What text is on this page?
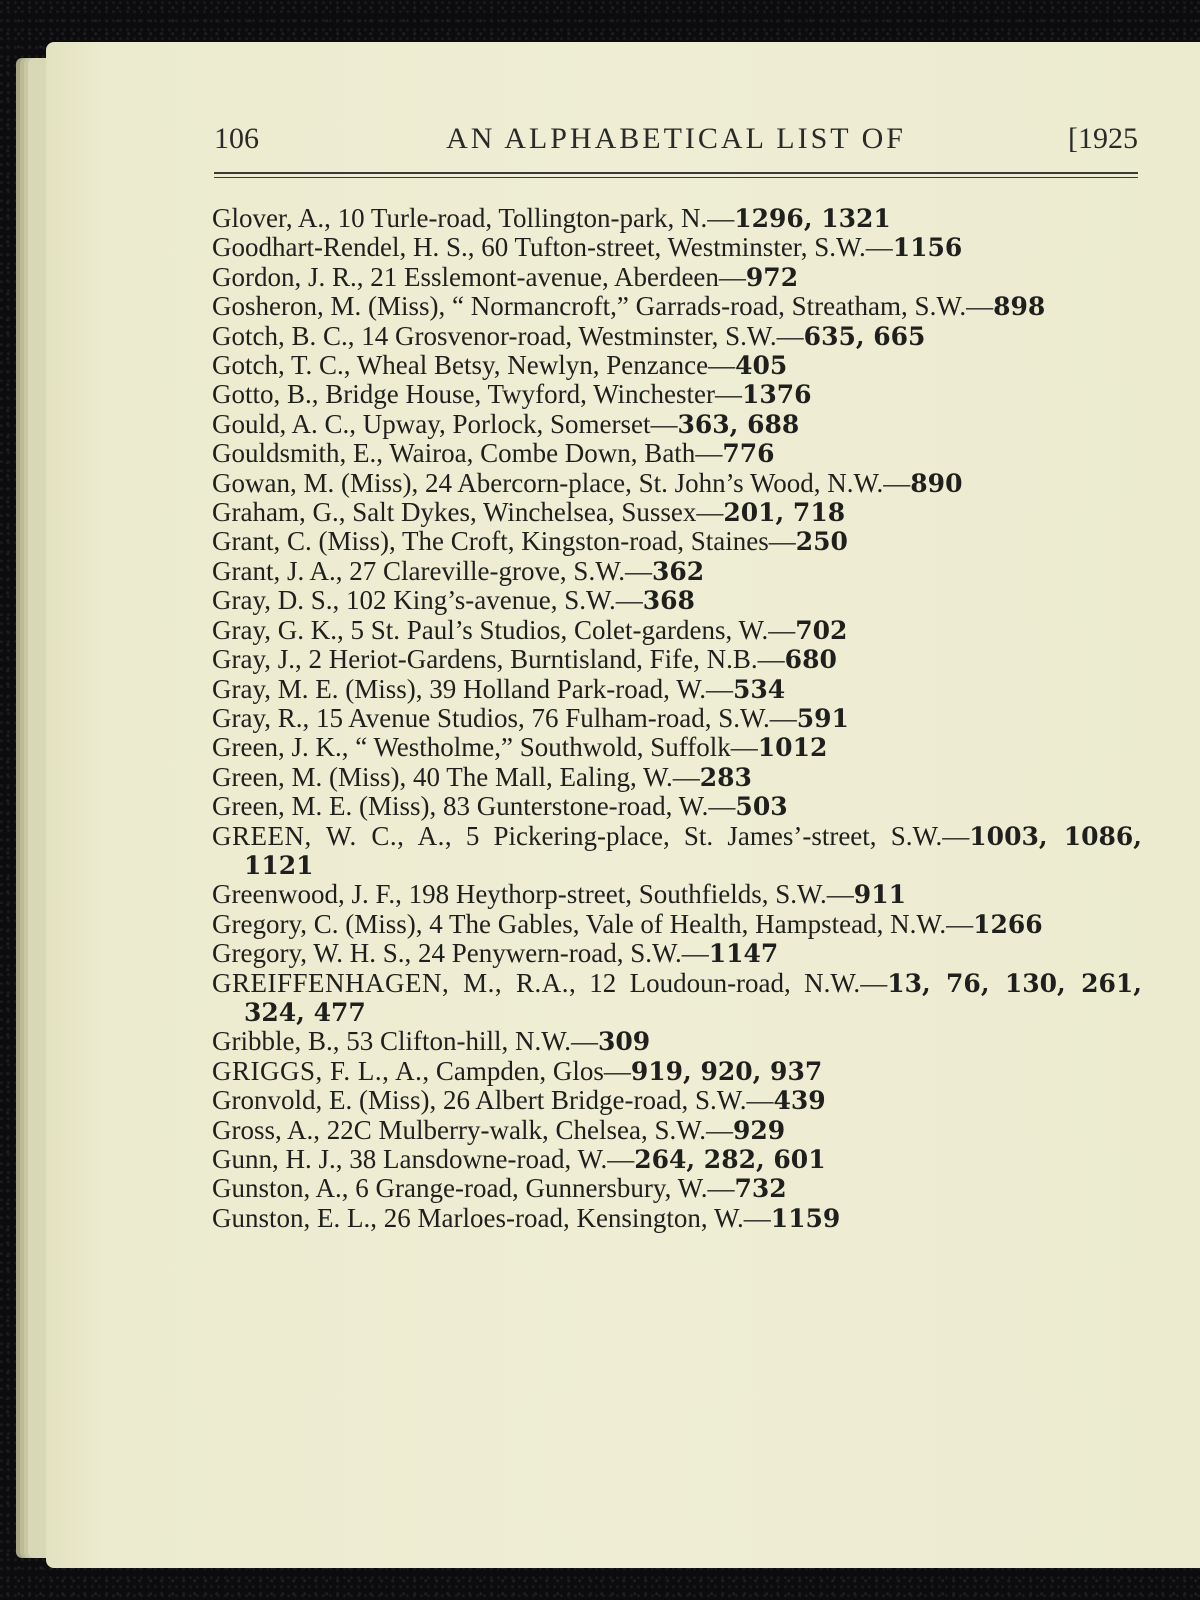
106	AN ALPHABETICAL LIST OF	[1925
Glover, A., 10 Turle-road, Tollington-park, N.—1296, 1321
Goodhart-Rendel, H. S., 60 Tufton-street, Westminster, S.W.—1156
Gordon, J. R., 21 Esslemont-avenue, Aberdeen—972
Gosheron, M. (Miss), “ Normancroft,” Garrads-road, Streatham, S.W.—898
Gotch, B. C., 14 Grosvenor-road, Westminster, S.W.—635, 665
Gotch, T. C., Wheal Betsy, Newlyn, Penzance—405
Gotto, B., Bridge House, Twyford, Winchester—1376
Gould, A. C., Upway, Porlock, Somerset—363, 688
Gouldsmith, E., Wairoa, Combe Down, Bath—776
Gowan, M. (Miss), 24 Abercorn-place, St. John’s Wood, N.W.—890
Graham, G., Salt Dykes, Winchelsea, Sussex—201, 718
Grant, C. (Miss), The Croft, Kingston-road, Staines—250
Grant, J. A., 27 Clareville-grove, S.W.—362
Gray, D. S., 102 King’s-avenue, S.W.—368
Gray, G. K., 5 St. Paul’s Studios, Colet-gardens, W.—702
Gray, J., 2 Heriot-Gardens, Burntisland, Fife, N.B.—680
Gray, M. E. (Miss), 39 Holland Park-road, W.—534
Gray, R., 15 Avenue Studios, 76 Fulham-road, S.W.—591
Green, J. K., “ Westholme,” Southwold, Suffolk—1012
Green, M. (Miss), 40 The Mall, Ealing, W.—283
Green, M. E. (Miss), 83 Gunterstone-road, W.—503
GREEN, W. C., A., 5 Pickering-place, St. James’-street, S.W.—1003, 1086, 1121
Greenwood, J. F., 198 Heythorp-street, Southfields, S.W.—911
Gregory, C. (Miss), 4 The Gables, Vale of Health, Hampstead, N.W.—1266
Gregory, W. H. S., 24 Penywern-road, S.W.—1147
GREIFFENHAGEN, M., R.A., 12 Loudoun-road, N.W.—13, 76, 130, 261, 324, 477
Gribble, B., 53 Clifton-hill, N.W.—309
GRIGGS, F. L., A., Campden, Glos—919, 920, 937
Gronvold, E. (Miss), 26 Albert Bridge-road, S.W.—439
Gross, A., 22C Mulberry-walk, Chelsea, S.W.—929
Gunn, H. J., 38 Lansdowne-road, W.—264, 282, 601
Gunston, A., 6 Grange-road, Gunnersbury, W.—732
Gunston, E. L., 26 Marloes-road, Kensington, W.—1159
